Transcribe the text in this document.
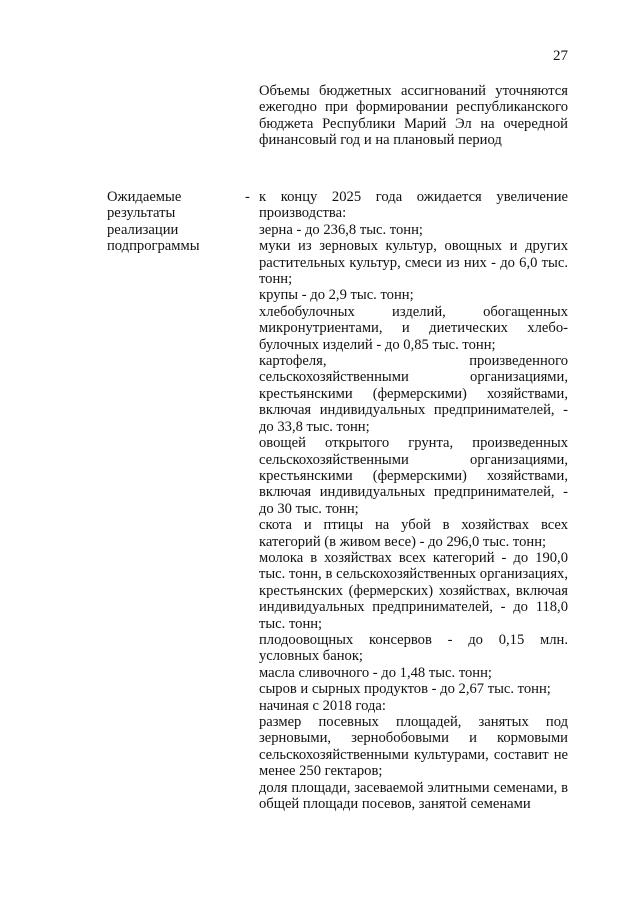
27

Объемы бюджетных ассигнований уточняются ежегодно при формировании республиканского бюджета Республики Марий Эл на очередной финансовый год и на плановый период

Ожидаемые
результаты
реализации
подпрограммы
- к концу 2025 года ожидается увеличение производства:

зерна - до 236,8 тыс. тонн;

муки из зерновых культур, овощных и других растительных культур, смеси из них - до 6,0 тыс. тонн;

крупы - до 2,9 тыс. тонн;

хлебобулочных изделий, обогащенных микронутриентами, и диетических хлебо-булочных изделий - до 0,85 тыс. тонн;

картофеля, произведенного сельскохозяйственными организациями, крестьянскими (фермерскими) хозяйствами, включая индивидуальных предпринимателей, - до 33,8 тыс. тонн;

овощей открытого грунта, произведенных сельскохозяйственными организациями, крестьянскими (фермерскими) хозяйствами, включая индивидуальных предпринимателей, - до 30 тыс. тонн;

скота и птицы на убой в хозяйствах всех категорий (в живом весе) - до 296,0 тыс. тонн;

молока в хозяйствах всех категорий - до 190,0 тыс. тонн, в сельскохозяйственных организациях, крестьянских (фермерских) хозяйствах, включая индивидуальных предпринимателей, - до 118,0 тыс. тонн;

плодоовощных консервов - до 0,15 млн. условных банок;

масла сливочного - до 1,48 тыс. тонн;

сыров и сырных продуктов - до 2,67 тыс. тонн;

начиная с 2018 года:

размер посевных площадей, занятых под зерновыми, зернобобовыми и кормовыми сельскохозяйственными культурами, составит не менее 250 гектаров;

доля площади, засеваемой элитными семенами, в общей площади посевов, занятой семенами
